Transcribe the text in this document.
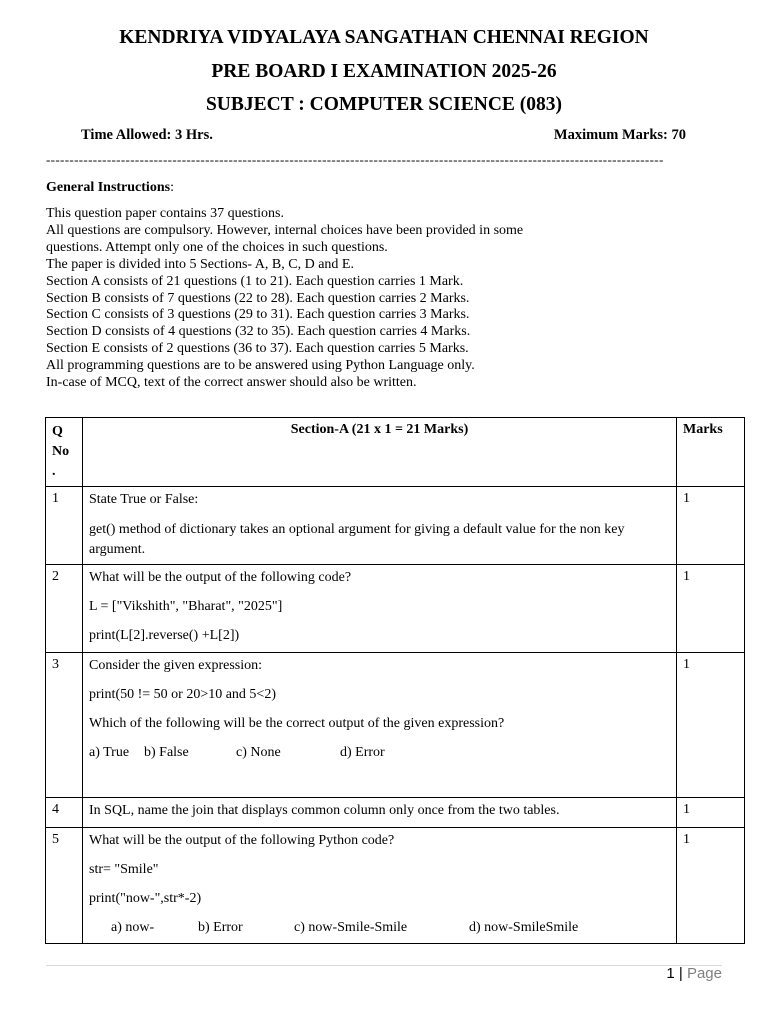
KENDRIYA VIDYALAYA SANGATHAN CHENNAI REGION
PRE BOARD I EXAMINATION 2025-26
SUBJECT : COMPUTER SCIENCE (083)
Time Allowed: 3 Hrs.	Maximum Marks: 70
------------------------------------------------------------------------------------------------------------------------------------
General Instructions:
This question paper contains 37 questions.
All questions are compulsory. However, internal choices have been provided in some
questions. Attempt only one of the choices in such questions.
The paper is divided into 5 Sections- A, B, C, D and E.
Section A consists of 21 questions (1 to 21). Each question carries 1 Mark.
Section B consists of 7 questions (22 to 28). Each question carries 2 Marks.
Section C consists of 3 questions (29 to 31). Each question carries 3 Marks.
Section D consists of 4 questions (32 to 35). Each question carries 4 Marks.
Section E consists of 2 questions (36 to 37). Each question carries 5 Marks.
All programming questions are to be answered using Python Language only.
In-case of MCQ, text of the correct answer should also be written.
Q
No
.	Section-A (21 x 1 = 21 Marks)	Marks
1	State True or False:
get() method of dictionary takes an optional argument for giving a default value for the non key argument.	1
2	What will be the output of the following code?
L = ["Vikshith", "Bharat", "2025"]
print(L[2].reverse() +L[2])	1
3	Consider the given expression:
print(50 != 50 or 20>10 and 5<2)
Which of the following will be the correct output of the given expression?
a) True b) False c) None d) Error	1
4	In SQL, name the join that displays common column only once from the two tables.	1
5	What will be the output of the following Python code?
str= "Smile"
print("now-",str*-2)
a) now- b) Error c) now-Smile-Smile d) now-SmileSmile	1
1 | Page
